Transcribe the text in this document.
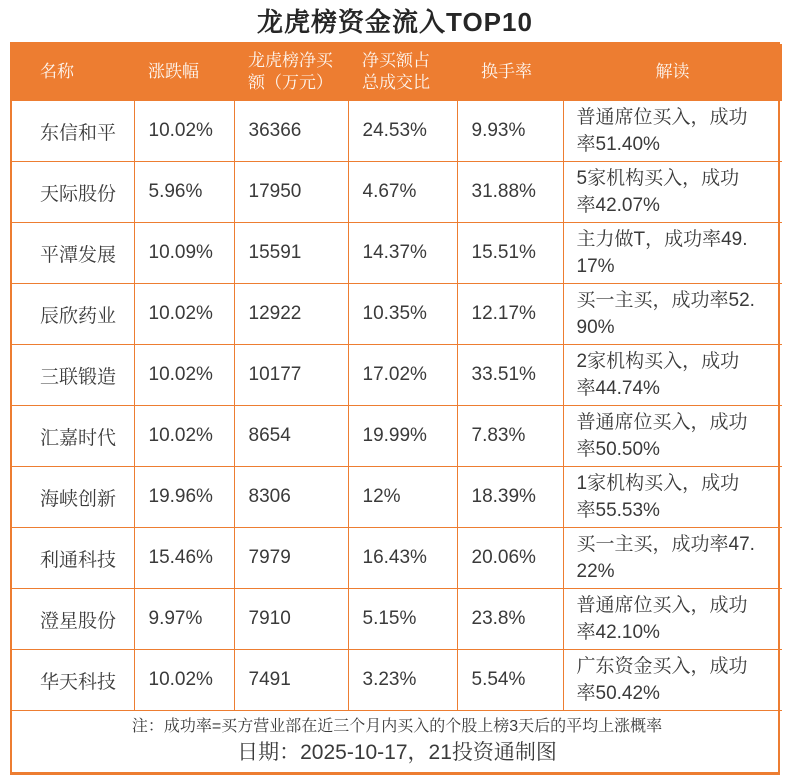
龙虎榜资金流入TOP10
名称	涨跌幅	龙虎榜净买额（万元）	净买额占总成交比	换手率	解读
东信和平	10.02%	36366	24.53%	9.93%	普通席位买入，成功率51.40%
天际股份	5.96%	17950	4.67%	31.88%	5家机构买入，成功率42.07%
平潭发展	10.09%	15591	14.37%	15.51%	主力做T，成功率49.17%
辰欣药业	10.02%	12922	10.35%	12.17%	买一主买，成功率52.90%
三联锻造	10.02%	10177	17.02%	33.51%	2家机构买入，成功率44.74%
汇嘉时代	10.02%	8654	19.99%	7.83%	普通席位买入，成功率50.50%
海峡创新	19.96%	8306	12%	18.39%	1家机构买入，成功率55.53%
利通科技	15.46%	7979	16.43%	20.06%	买一主买，成功率47.22%
澄星股份	9.97%	7910	5.15%	23.8%	普通席位买入，成功率42.10%
华天科技	10.02%	7491	3.23%	5.54%	广东资金买入，成功率50.42%

注：成功率=买方营业部在近三个月内买入的个股上榜3天后的平均上涨概率
日期：2025-10-17，21投资通制图					
